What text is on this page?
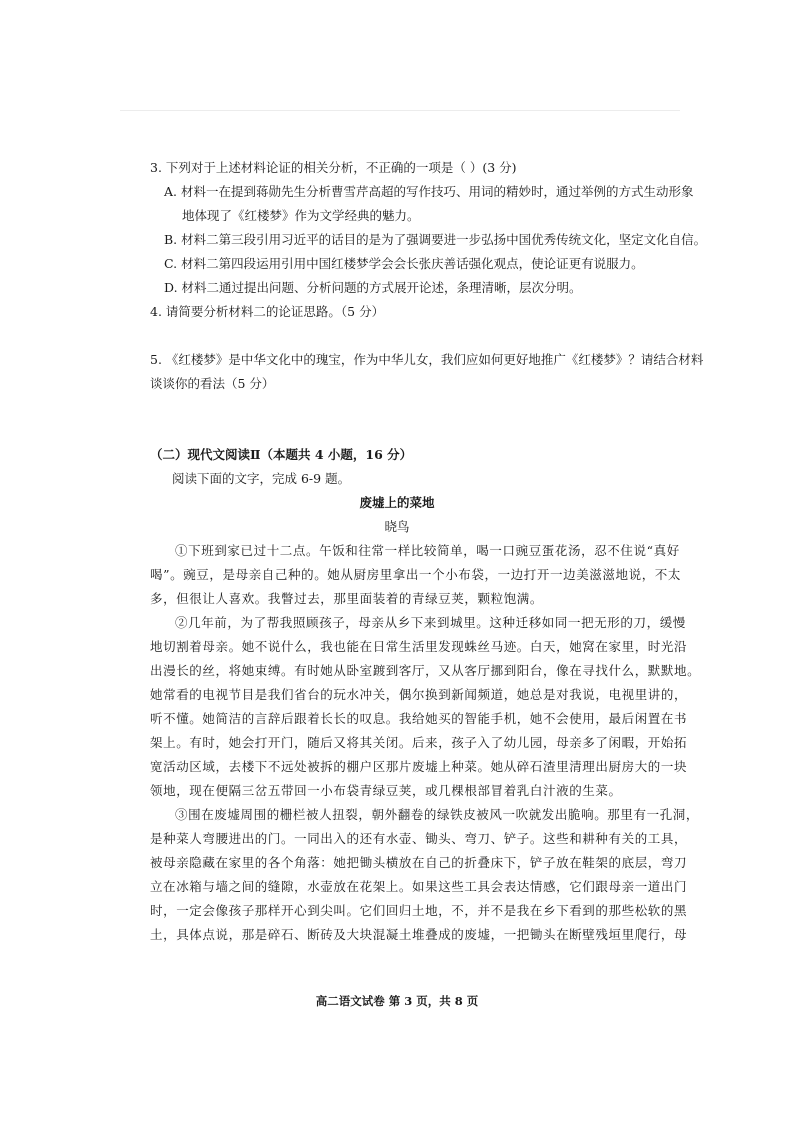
3. 下列对于上述材料论证的相关分析，不正确的一项是（ ）(3 分)
A. 材料一在提到蒋勋先生分析曹雪芹高超的写作技巧、用词的精妙时，通过举例的方式生动形象
地体现了《红楼梦》作为文学经典的魅力。
B. 材料二第三段引用习近平的话目的是为了强调要进一步弘扬中国优秀传统文化，坚定文化自信。
C. 材料二第四段运用引用中国红楼梦学会会长张庆善话强化观点，使论证更有说服力。
D. 材料二通过提出问题、分析问题的方式展开论述，条理清晰，层次分明。
4. 请简要分析材料二的论证思路。（5 分）
5. 《红楼梦》是中华文化中的瑰宝，作为中华儿女，我们应如何更好地推广《红楼梦》？请结合材料
谈谈你的看法（5 分）
（二）现代文阅读Ⅱ（本题共 4 小题，16 分）
阅读下面的文字，完成 6-9 题。
废墟上的菜地
晓鸟
①下班到家已过十二点。午饭和往常一样比较简单，喝一口豌豆蛋花汤，忍不住说“真好
喝”。豌豆，是母亲自己种的。她从厨房里拿出一个小布袋，一边打开一边美滋滋地说，不太
多，但很让人喜欢。我瞥过去，那里面装着的青绿豆荚，颗粒饱满。
②几年前，为了帮我照顾孩子，母亲从乡下来到城里。这种迁移如同一把无形的刀，缓慢
地切割着母亲。她不说什么，我也能在日常生活里发现蛛丝马迹。白天，她窝在家里，时光沿
出漫长的丝，将她束缚。有时她从卧室踱到客厅，又从客厅挪到阳台，像在寻找什么，默默地。
她常看的电视节目是我们省台的玩水冲关，偶尔换到新闻频道，她总是对我说，电视里讲的，
听不懂。她简洁的言辞后跟着长长的叹息。我给她买的智能手机，她不会使用，最后闲置在书
架上。有时，她会打开门，随后又将其关闭。后来，孩子入了幼儿园，母亲多了闲暇，开始拓
宽活动区域，去楼下不远处被拆的棚户区那片废墟上种菜。她从碎石渣里清理出厨房大的一块
领地，现在便隔三岔五带回一小布袋青绿豆荚，或几棵根部冒着乳白汁液的生菜。
③围在废墟周围的栅栏被人扭裂，朝外翻卷的绿铁皮被风一吹就发出脆响。那里有一孔洞，
是种菜人弯腰进出的门。一同出入的还有水壶、锄头、弯刀、铲子。这些和耕种有关的工具，
被母亲隐藏在家里的各个角落：她把锄头横放在自己的折叠床下，铲子放在鞋架的底层，弯刀
立在冰箱与墙之间的缝隙，水壶放在花架上。如果这些工具会表达情感，它们跟母亲一道出门
时，一定会像孩子那样开心到尖叫。它们回归土地，不，并不是我在乡下看到的那些松软的黑
土，具体点说，那是碎石、断砖及大块混凝土堆叠成的废墟，一把锄头在断壁残垣里爬行，母
高二语文试卷 第 3 页，共 8 页
